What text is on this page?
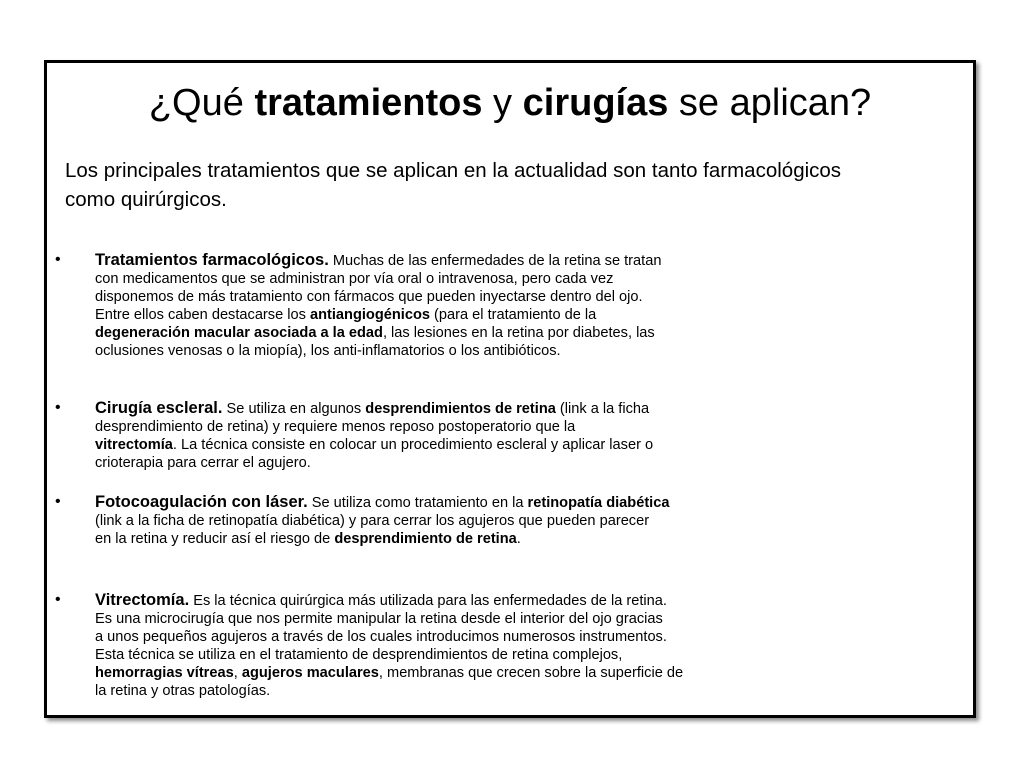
¿Qué tratamientos y cirugías se aplican?
Los principales tratamientos que se aplican en la actualidad son tanto farmacológicos
como quirúrgicos.
•	Tratamientos farmacológicos. Muchas de las enfermedades de la retina se tratan
con medicamentos que se administran por vía oral o intravenosa, pero cada vez
disponemos de más tratamiento con fármacos que pueden inyectarse dentro del ojo.
Entre ellos caben destacarse los antiangiogénicos (para el tratamiento de la
degeneración macular asociada a la edad, las lesiones en la retina por diabetes, las
oclusiones venosas o la miopía), los anti-inflamatorios o los antibióticos.
•	Cirugía escleral. Se utiliza en algunos desprendimientos de retina (link a la ficha
desprendimiento de retina) y requiere menos reposo postoperatorio que la
vitrectomía. La técnica consiste en colocar un procedimiento escleral y aplicar laser o
crioterapia para cerrar el agujero.
•	Fotocoagulación con láser. Se utiliza como tratamiento en la retinopatía diabética
(link a la ficha de retinopatía diabética) y para cerrar los agujeros que pueden parecer
en la retina y reducir así el riesgo de desprendimiento de retina.
•	Vitrectomía. Es la técnica quirúrgica más utilizada para las enfermedades de la retina.
Es una microcirugía que nos permite manipular la retina desde el interior del ojo gracias
a unos pequeños agujeros a través de los cuales introducimos numerosos instrumentos.
Esta técnica se utiliza en el tratamiento de desprendimientos de retina complejos,
hemorragias vítreas, agujeros maculares, membranas que crecen sobre la superficie de
la retina y otras patologías.
